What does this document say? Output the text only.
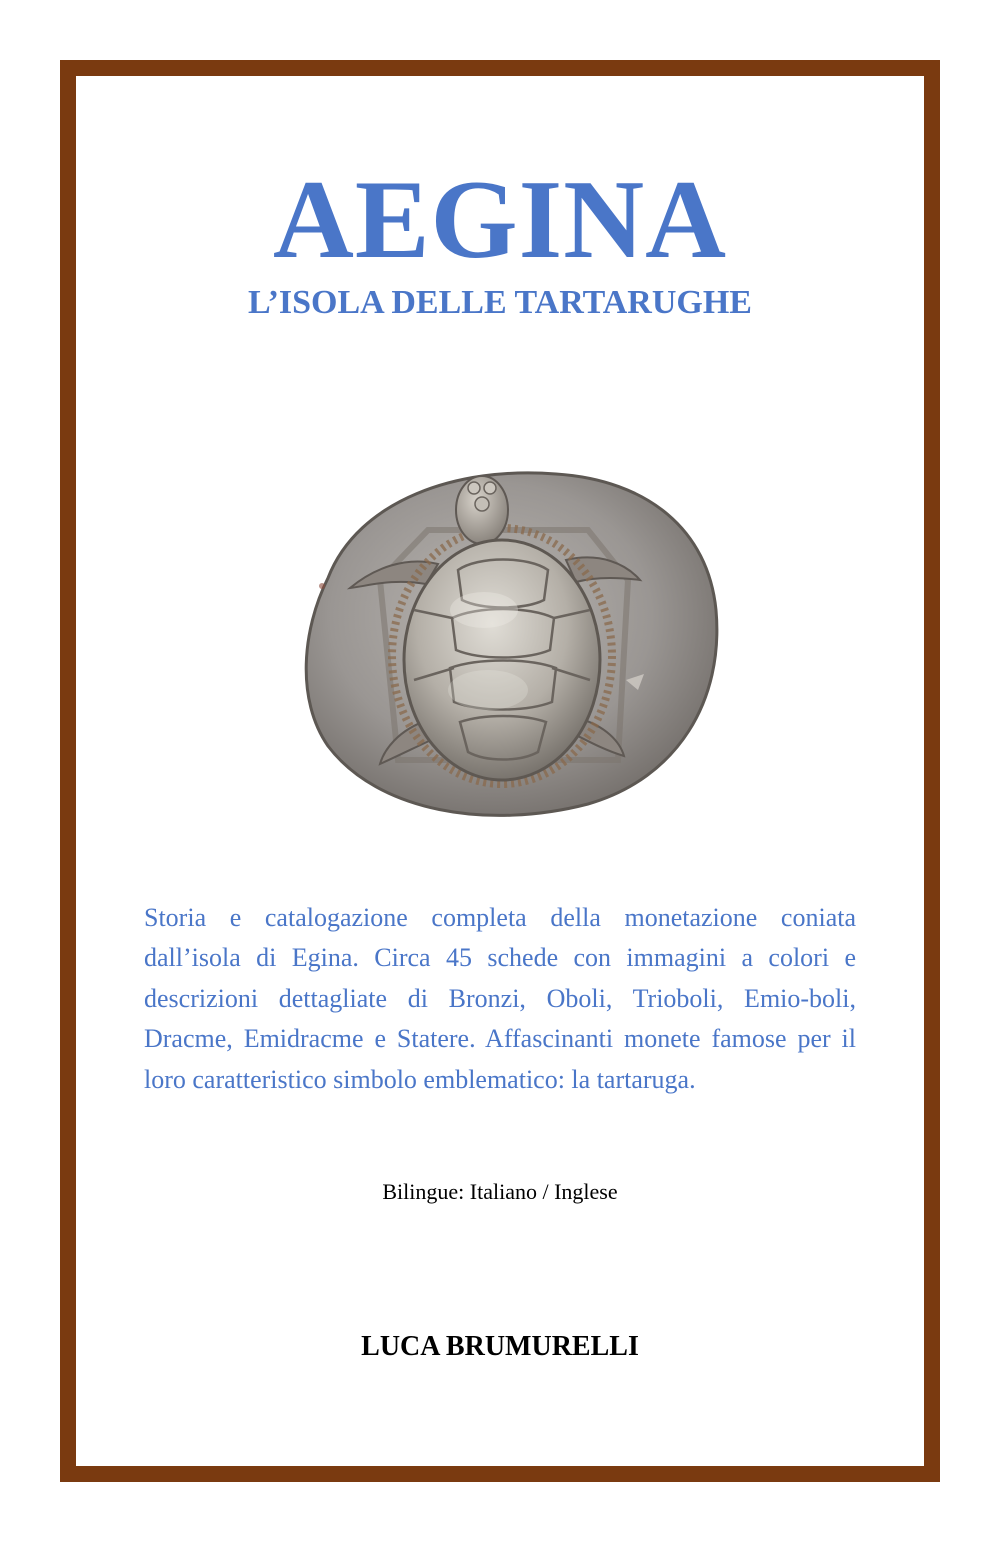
AEGINA
L’ISOLA DELLE TARTARUGHE

Storia e catalogazione completa della monetazione coniata dall’isola di Egina. Circa 45 schede con immagini a colori e descrizioni dettagliate di Bronzi, Oboli, Trioboli, Emio-boli, Dracme, Emidracme e Statere. Affascinanti monete famose per il loro caratteristico simbolo emblematico: la tartaruga.

Bilingue: Italiano / Inglese
LUCA BRUMURELLI
